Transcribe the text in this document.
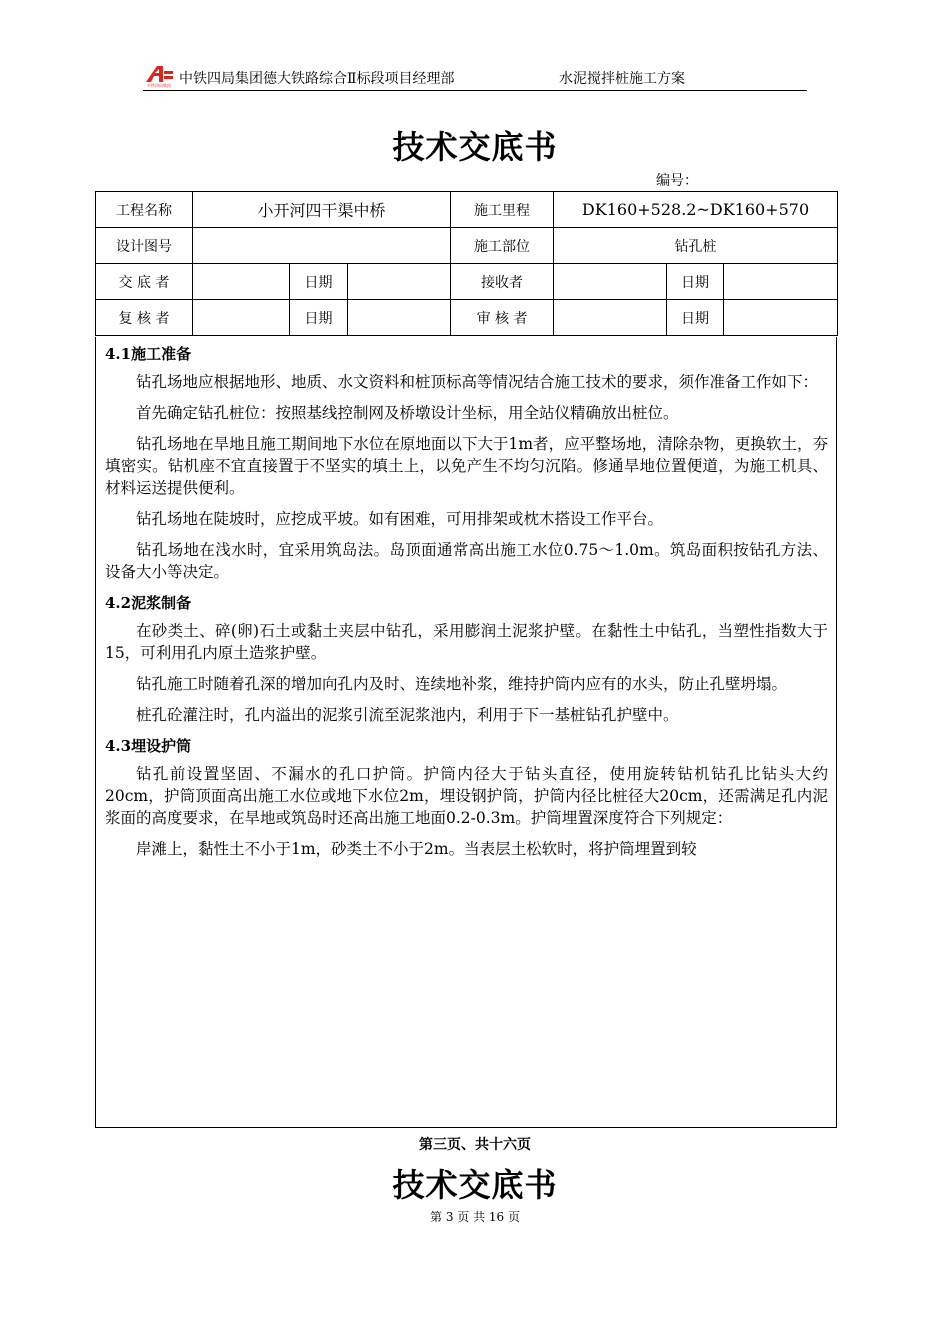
中铁四局集团 中铁四局集团德大铁路综合Ⅱ标段项目经理部	水泥搅拌桩施工方案
技术交底书
编号：
工程名称	小开河四干渠中桥			施工里程	DK160+528.2~DK160+570		
设计图号				施工部位	钻孔桩		
交 底 者		日期		接收者		日期	
复 核 者		日期		审 核 者		日期	
4.1施工准备

钻孔场地应根据地形、地质、水文资料和桩顶标高等情况结合施工技术的要求，须作准备工作如下：

首先确定钻孔桩位：按照基线控制网及桥墩设计坐标，用全站仪精确放出桩位。

钻孔场地在旱地且施工期间地下水位在原地面以下大于1m者，应平整场地，清除杂物，更换软土，夯填密实。钻机座不宜直接置于不坚实的填土上，以免产生不均匀沉陷。修通旱地位置便道，为施工机具、材料运送提供便利。

钻孔场地在陡坡时，应挖成平坡。如有困难，可用排架或枕木搭设工作平台。

钻孔场地在浅水时，宜采用筑岛法。岛顶面通常高出施工水位0.75～1.0m。筑岛面积按钻孔方法、设备大小等决定。

4.2泥浆制备

在砂类土、碎(卵)石土或黏土夹层中钻孔，采用膨润土泥浆护壁。在黏性土中钻孔，当塑性指数大于15，可利用孔内原土造浆护壁。

钻孔施工时随着孔深的增加向孔内及时、连续地补浆，维持护筒内应有的水头，防止孔壁坍塌。

桩孔砼灌注时，孔内溢出的泥浆引流至泥浆池内，利用于下一基桩钻孔护壁中。

4.3埋设护筒

钻孔前设置坚固、不漏水的孔口护筒。护筒内径大于钻头直径，使用旋转钻机钻孔比钻头大约20cm，护筒顶面高出施工水位或地下水位2m，埋设钢护筒，护筒内径比桩径大20cm，还需满足孔内泥浆面的高度要求，在旱地或筑岛时还高出施工地面0.2-0.3m。护筒埋置深度符合下列规定：

岸滩上，黏性土不小于1m，砂类土不小于2m。当表层土松软时，将护筒埋置到较

第三页、共十六页
技术交底书
第 3 页 共 16 页
